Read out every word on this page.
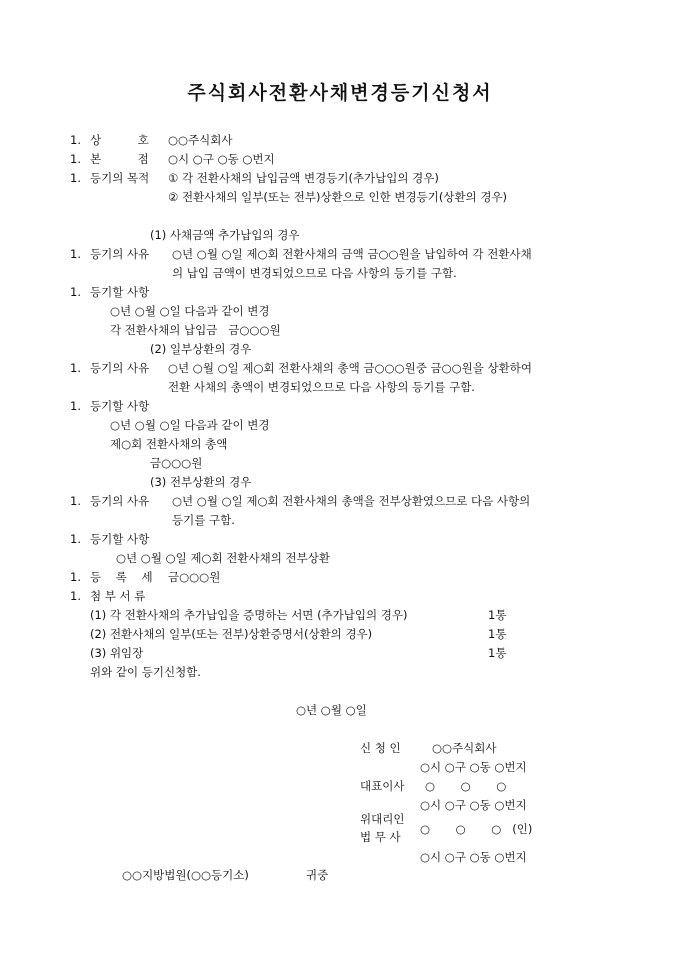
주식회사전환사채변경등기신청서
1. 상          호 ○○주식회사
1. 본          점 ○시 ○구 ○동 ○번지
1. 등기의 목적 ① 각 전환사채의 납입금액 변경등기(추가납입의 경우)
② 전환사채의 일부(또는 전부)상환으로 인한 변경등기(상환의 경우)
(1) 사채금액 추가납입의 경우
1. 등기의 사유 ○년 ○월 ○일 제○회 전환사채의 금액 금○○원을 납입하여 각 전환사채
의 납입 금액이 변경되었으므로 다음 사항의 등기를 구함.
1. 등기할 사항
○년 ○월 ○일 다음과 같이 변경
각 전환사채의 납입금   금○○○원
(2) 일부상환의 경우
1. 등기의 사유 ○년 ○월 ○일 제○회 전환사채의 총액 금○○○원중 금○○원을 상환하여
전환 사채의 총액이 변경되었으므로 다음 사항의 등기를 구함.
1. 등기할 사항
○년 ○월 ○일 다음과 같이 변경
제○회 전환사채의 총액
금○○○원
(3) 전부상환의 경우
1. 등기의 사유 ○년 ○월 ○일 제○회 전환사채의 총액을 전부상환였으므로 다음 사항의
등기를 구함.
1. 등기할 사항
○년 ○월 ○일 제○회 전환사채의 전부상환
1. 등    록    세 금○○○원
1. 첨 부 서 류
(1) 각 전환사채의 추가납입을 증명하는 서면 (추가납입의 경우)	1통
(2) 전환사채의 일부(또는 전부)상환증명서(상환의 경우)	1통
(3) 위임장	1통
위와 같이 등기신청함.
○년 ○월 ○일
신 청 인	○○주식회사
○시 ○구 ○동 ○번지
대표이사 ○       ○       ○
○시 ○구 ○동 ○번지
위대리인
법 무 사
○       ○       ○   (인)
○시 ○구 ○동 ○번지
○○지방법원(○○등기소)	귀중
